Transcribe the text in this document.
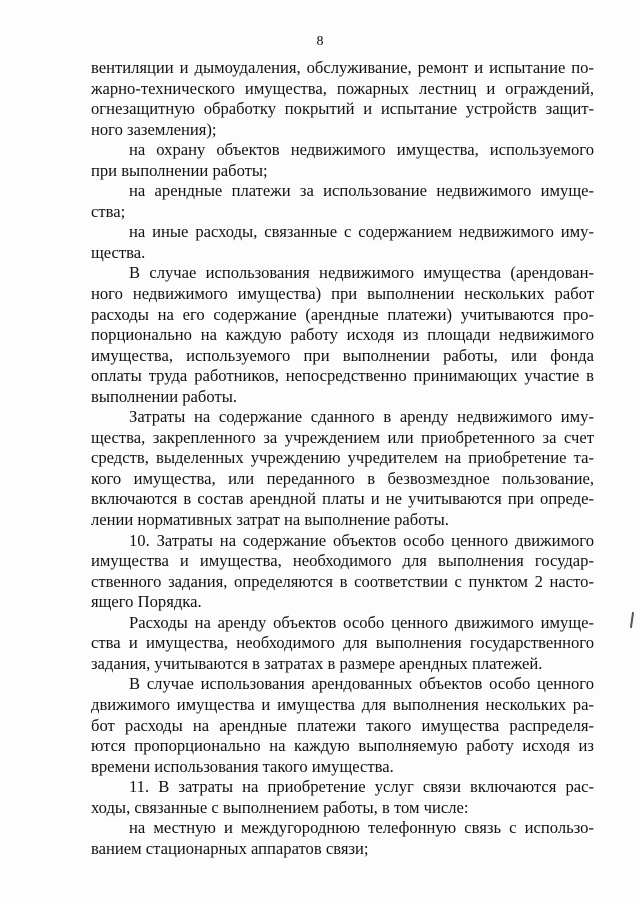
8
вентиляции и дымоудаления, обслуживание, ремонт и испытание по-
жарно-технического имущества, пожарных лестниц и ограждений,
огнезащитную обработку покрытий и испытание устройств защит-
ного заземления);
на охрану объектов недвижимого имущества, используемого
при выполнении работы;
на арендные платежи за использование недвижимого имуще-
ства;
на иные расходы, связанные с содержанием недвижимого иму-
щества.
В случае использования недвижимого имущества (арендован-
ного недвижимого имущества) при выполнении нескольких работ
расходы на его содержание (арендные платежи) учитываются про-
порционально на каждую работу исходя из площади недвижимого
имущества, используемого при выполнении работы, или фонда
оплаты труда работников, непосредственно принимающих участие в
выполнении работы.
Затраты на содержание сданного в аренду недвижимого иму-
щества, закрепленного за учреждением или приобретенного за счет
средств, выделенных учреждению учредителем на приобретение та-
кого имущества, или переданного в безвозмездное пользование,
включаются в состав арендной платы и не учитываются при опреде-
лении нормативных затрат на выполнение работы.
10. Затраты на содержание объектов особо ценного движимого
имущества и имущества, необходимого для выполнения государ-
ственного задания, определяются в соответствии с пунктом 2 насто-
ящего Порядка.
Расходы на аренду объектов особо ценного движимого имуще-
ства и имущества, необходимого для выполнения государственного
задания, учитываются в затратах в размере арендных платежей.
В случае использования арендованных объектов особо ценного
движимого имущества и имущества для выполнения нескольких ра-
бот расходы на арендные платежи такого имущества распределя-
ются пропорционально на каждую выполняемую работу исходя из
времени использования такого имущества.
11. В затраты на приобретение услуг связи включаются рас-
ходы, связанные с выполнением работы, в том числе:
на местную и междугороднюю телефонную связь с использо-
ванием стационарных аппаратов связи;
